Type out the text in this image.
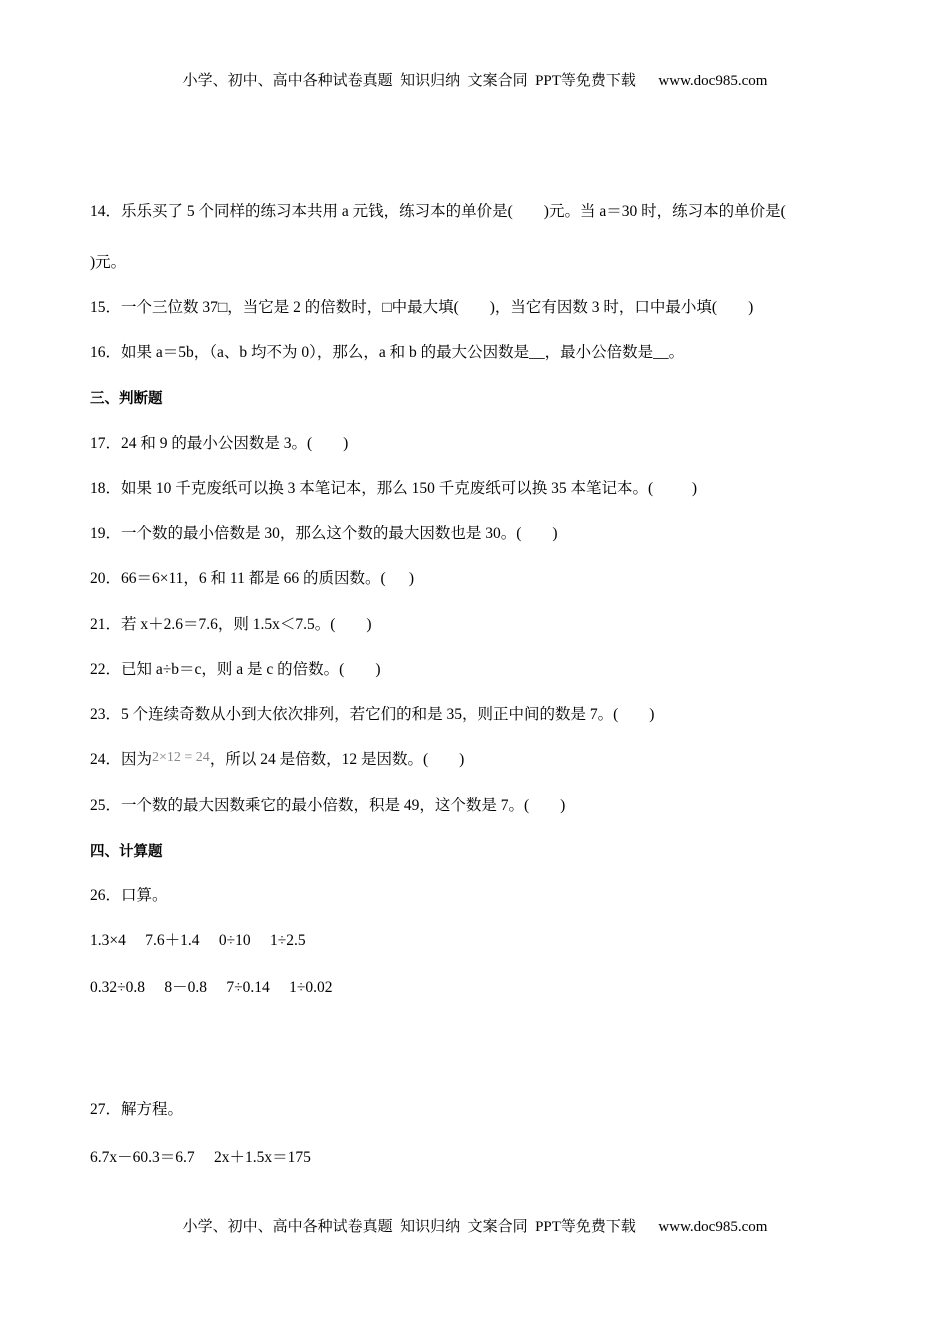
小学、初中、高中各种试卷真题  知识归纳  文案合同  PPT等免费下载      www.doc985.com
14．乐乐买了 5 个同样的练习本共用 a 元钱，练习本的单价是(        )元。当 a＝30 时，练习本的单价是(
)元。
15．一个三位数 37□，当它是 2 的倍数时，□中最大填(        )，当它有因数 3 时，口中最小填(        )
16．如果 a＝5b，（a、b 均不为 0），那么，a 和 b 的最大公因数是__，最小公倍数是__。
三、判断题
17．24 和 9 的最小公因数是 3。(        )
18．如果 10 千克废纸可以换 3 本笔记本，那么 150 千克废纸可以换 35 本笔记本。(          )
19．一个数的最小倍数是 30，那么这个数的最大因数也是 30。(        )
20．66＝6×11，6 和 11 都是 66 的质因数。(      )
21．若 x＋2.6＝7.6，则 1.5x＜7.5。(        )
22．已知 a÷b＝c，则 a 是 c 的倍数。(        )
23．5 个连续奇数从小到大依次排列，若它们的和是 35，则正中间的数是 7。(        )
24．因为2×12 = 24，所以 24 是倍数，12 是因数。(        )
25．一个数的最大因数乘它的最小倍数，积是 49，这个数是 7。(        )
四、计算题
26．口算。
1.3×4     7.6＋1.4     0÷10     1÷2.5
0.32÷0.8     8－0.8     7÷0.14     1÷0.02
27．解方程。
6.7x－60.3＝6.7     2x＋1.5x＝175
小学、初中、高中各种试卷真题  知识归纳  文案合同  PPT等免费下载      www.doc985.com
